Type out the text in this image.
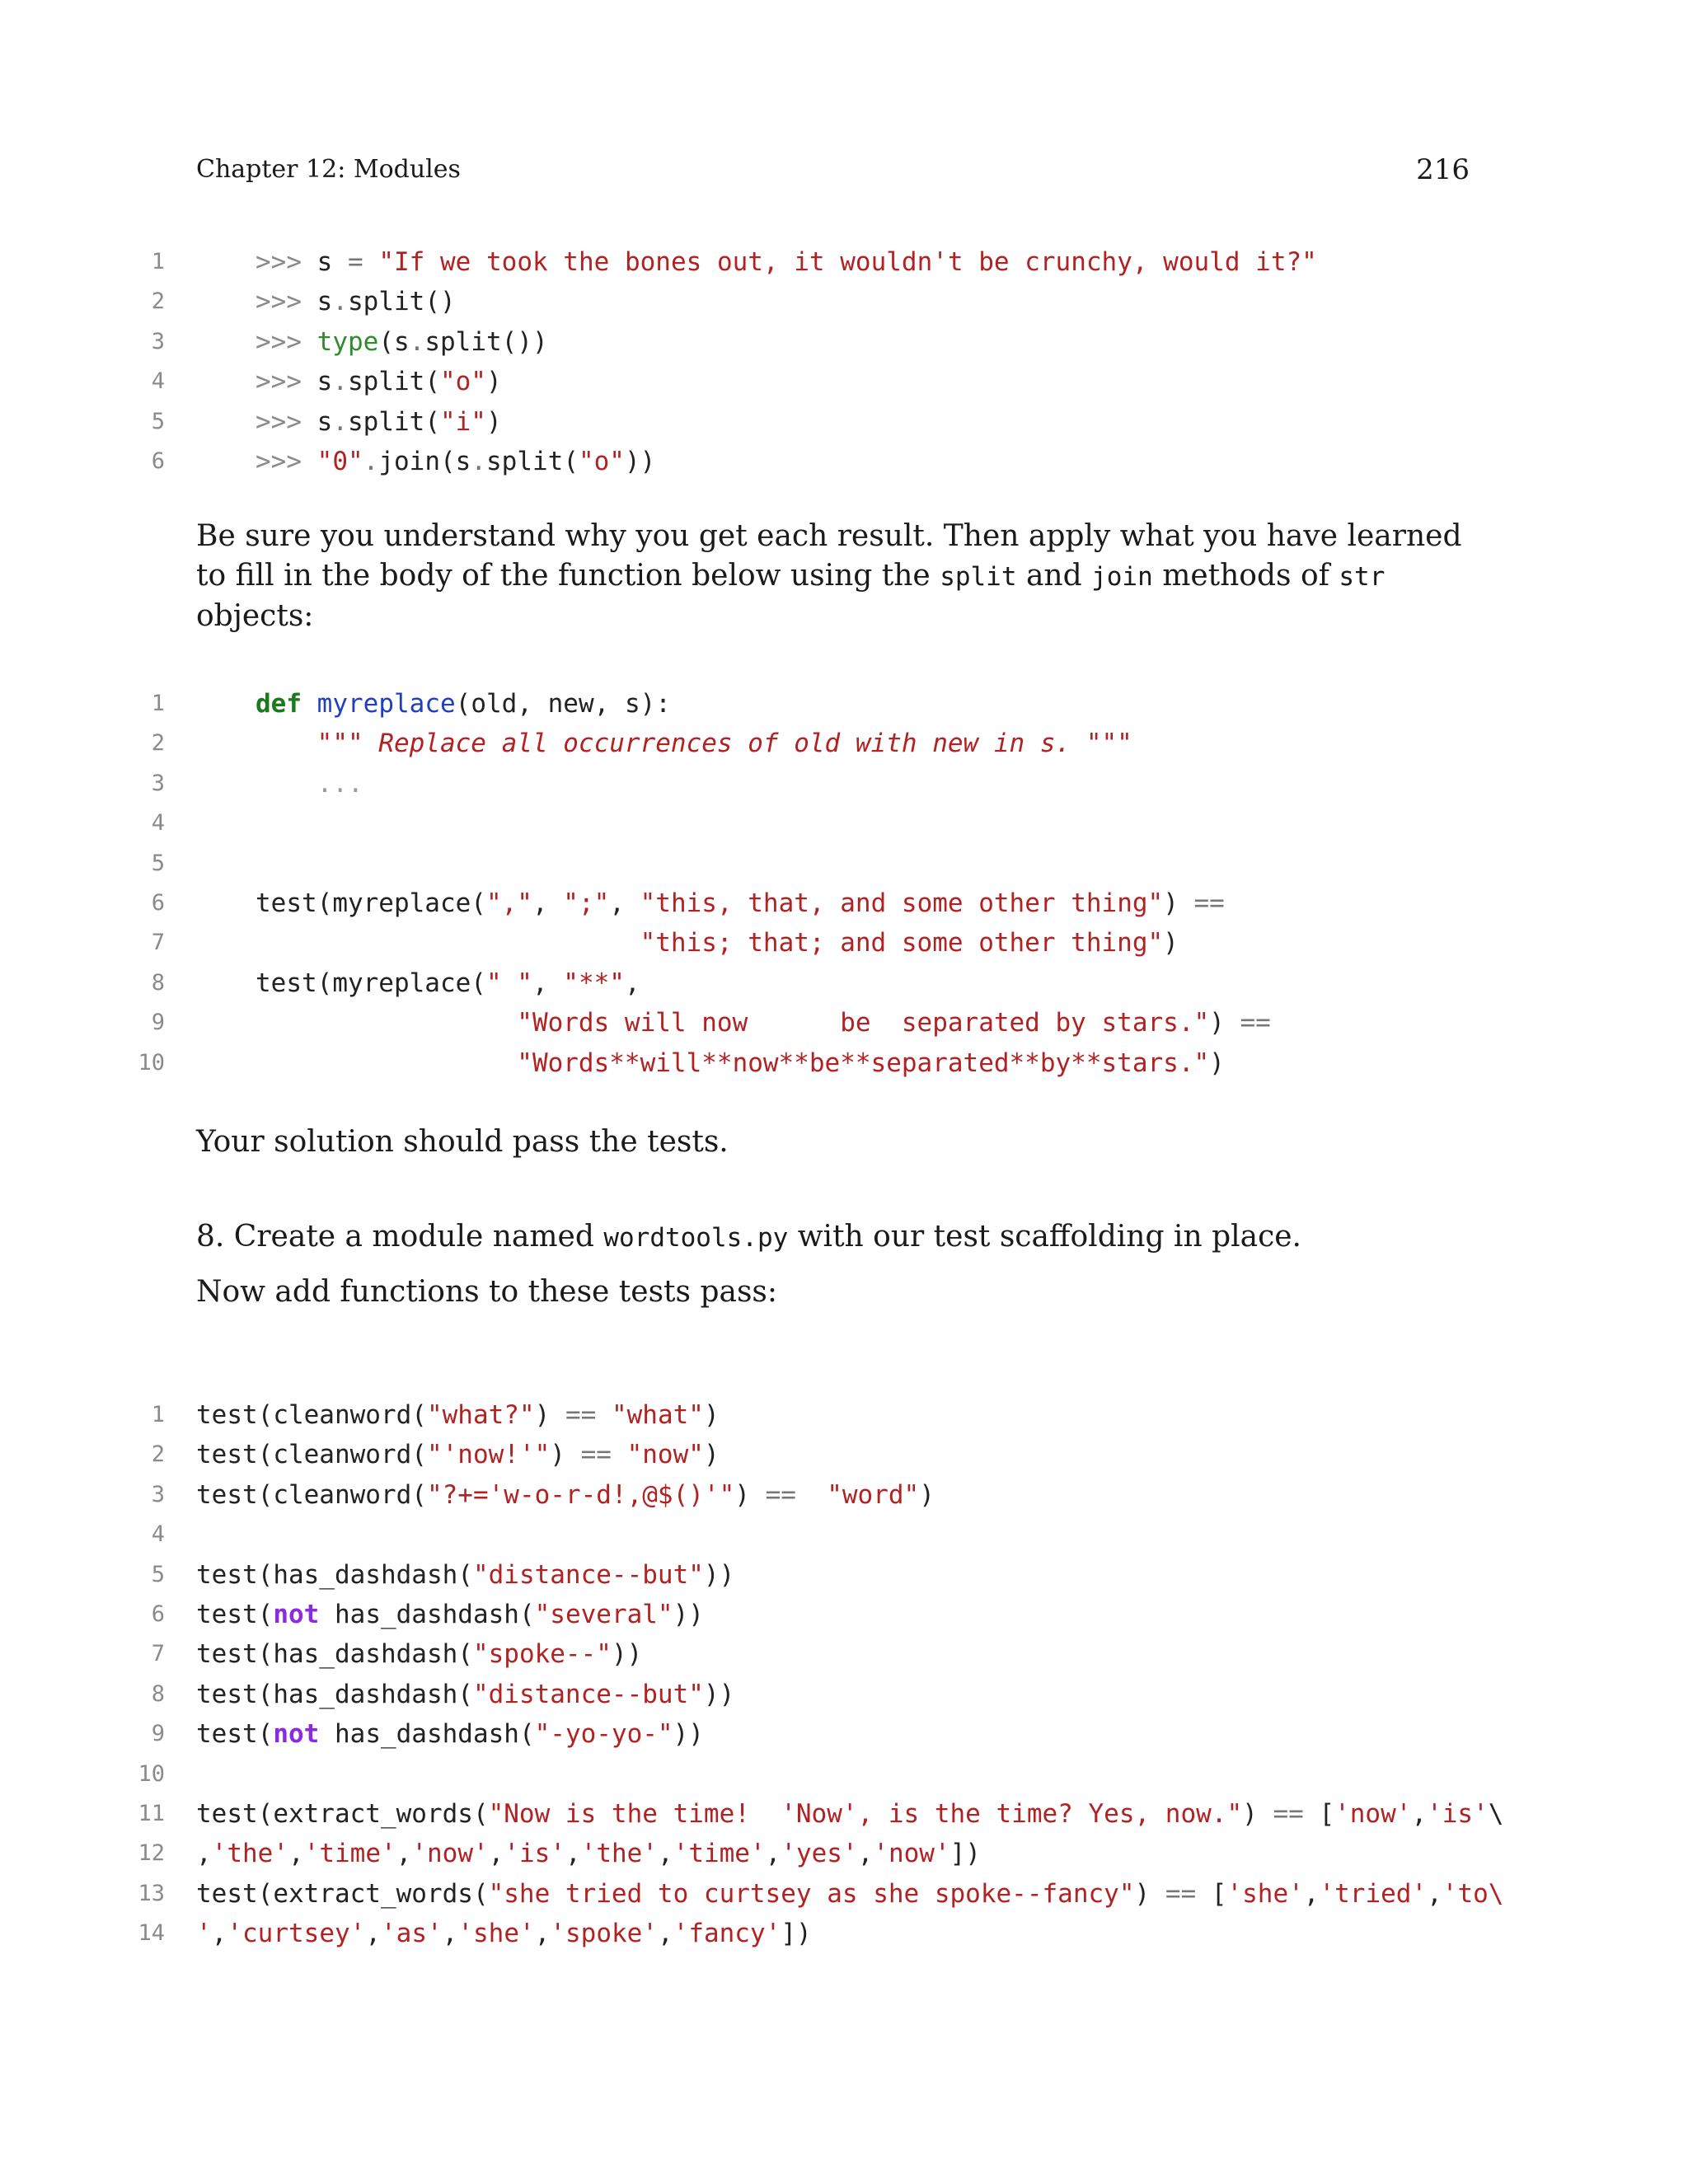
Chapter 12: Modules	216
1	>>> s = "If we took the bones out, it wouldn't be crunchy, would it?"
2	>>> s.split()
3	>>> type(s.split())
4	>>> s.split("o")
5	>>> s.split("i")
6	>>> "0".join(s.split("o"))
Be sure you understand why you get each result. Then apply what you have learned to fill in the body of the function below using the split and join methods of str objects:
1	def myreplace(old, new, s):
2	""" Replace all occurrences of old with new in s. """
3	...
4
5
6	test(myreplace(",", ";", "this, that, and some other thing") ==
7	"this; that; and some other thing")
8	test(myreplace(" ", "**",
9	"Words will now      be  separated by stars.") ==
10	"Words**will**now**be**separated**by**stars.")
Your solution should pass the tests.
8. Create a module named wordtools.py with our test scaffolding in place.
Now add functions to these tests pass:
1 test(cleanword("what?") == "what")
2 test(cleanword("'now!'") == "now")
3 test(cleanword("?+='w-o-r-d!,@$()'") == "word")
4
5 test(has_dashdash("distance--but"))
6 test(not has_dashdash("several"))
7 test(has_dashdash("spoke--"))
8 test(has_dashdash("distance--but"))
9 test(not has_dashdash("-yo-yo-"))
10
11 test(extract_words("Now is the time!  'Now', is the time? Yes, now.") == ['now','is'\
12 ,'the','time','now','is','the','time','yes','now'])
13 test(extract_words("she tried to curtsey as she spoke--fancy") == ['she','tried','to\
14 ','curtsey','as','she','spoke','fancy'])
